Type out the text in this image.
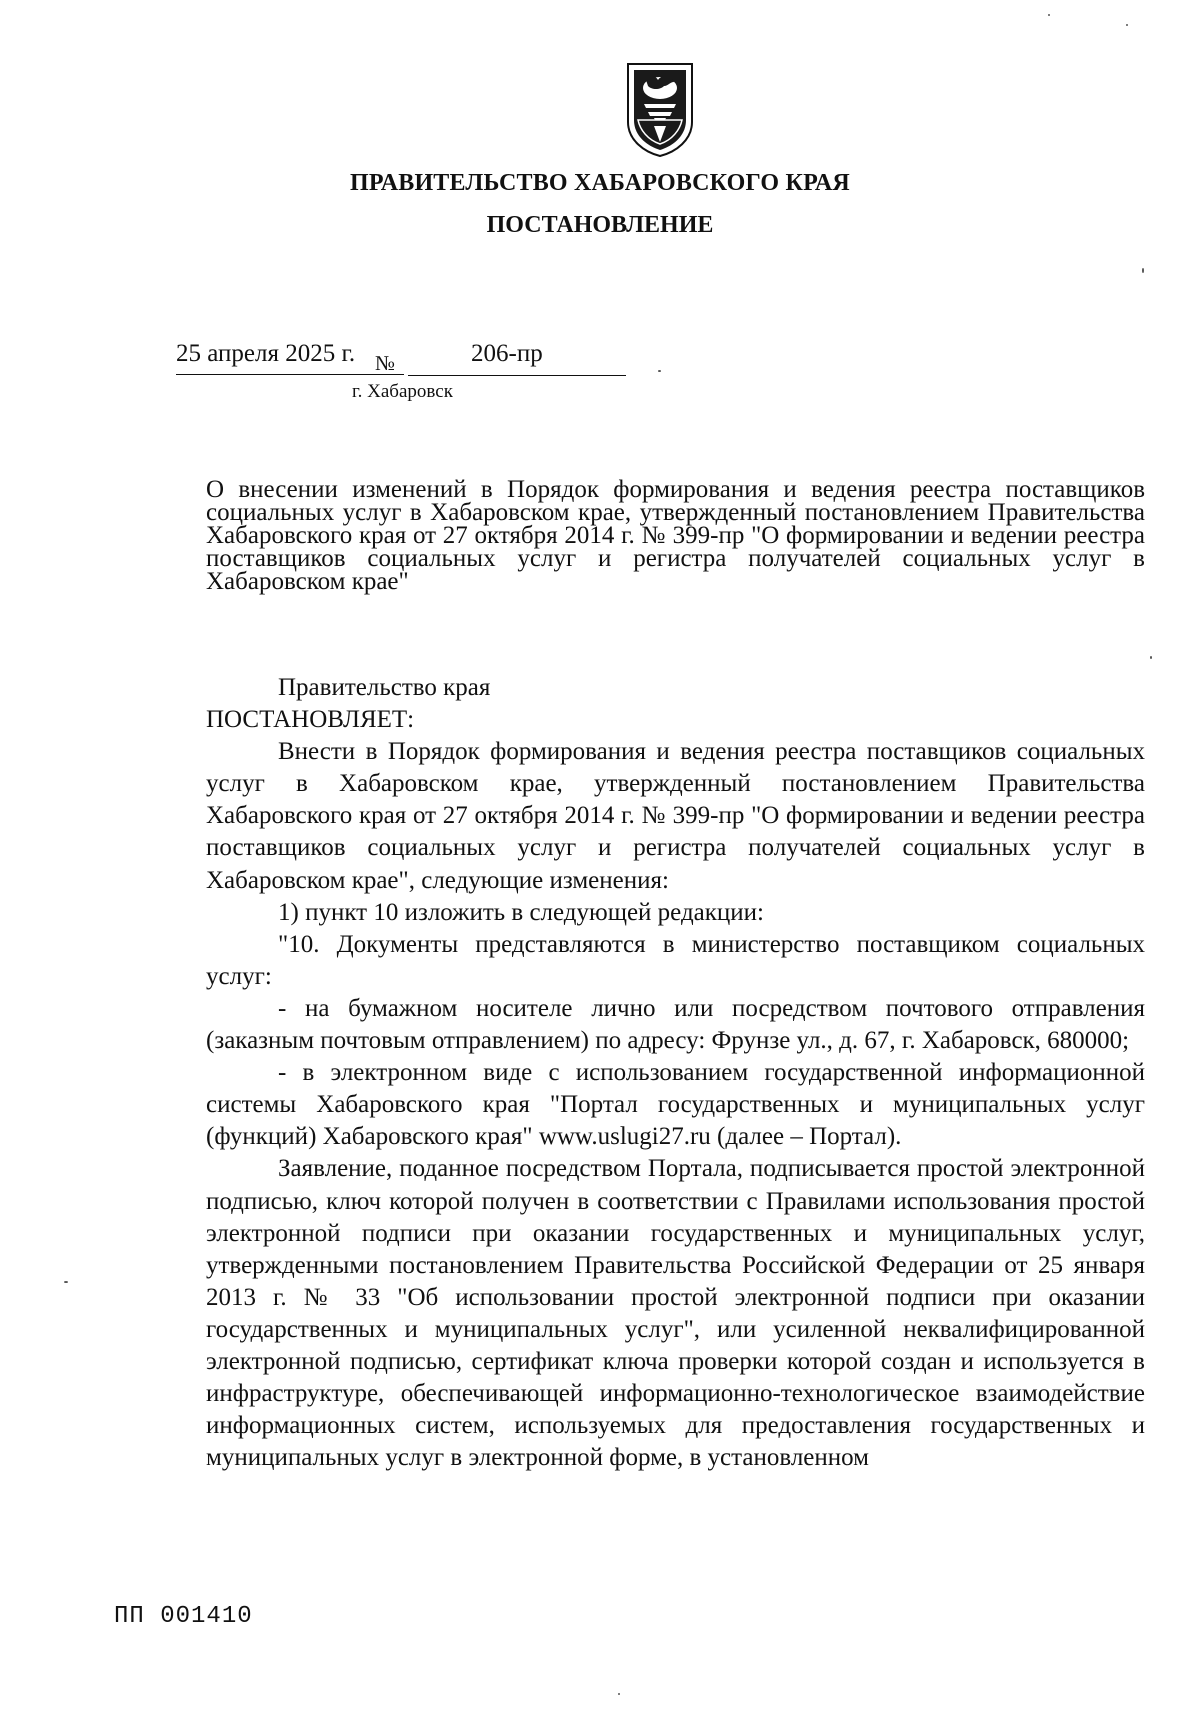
ПРАВИТЕЛЬСТВО ХАБАРОВСКОГО КРАЯ
ПОСТАНОВЛЕНИЕ
25 апреля 2025 г. №	206-пр
г. Хабаровск
О внесении изменений в Порядок формирования и ведения реестра поставщиков социальных услуг в Хабаровском крае, утвержденный постановлением Правительства Хабаровского края от 27 октября 2014 г. № 399-пр "О формировании и ведении реестра поставщиков социальных услуг и регистра получателей социальных услуг в Хабаровском крае"

Правительство края

ПОСТАНОВЛЯЕТ:

Внести в Порядок формирования и ведения реестра поставщиков социальных услуг в Хабаровском крае, утвержденный постановлением Правительства Хабаровского края от 27 октября 2014 г. № 399-пр "О формировании и ведении реестра поставщиков социальных услуг и регистра получателей социальных услуг в Хабаровском крае", следующие изменения:

1) пункт 10 изложить в следующей редакции:

"10. Документы представляются в министерство поставщиком социальных услуг:

- на бумажном носителе лично или посредством почтового отправления (заказным почтовым отправлением) по адресу: Фрунзе ул., д. 67, г. Хабаровск, 680000;

- в электронном виде с использованием государственной информационной системы Хабаровского края "Портал государственных и муниципальных услуг (функций) Хабаровского края" www.uslugi27.ru (далее – Портал).

Заявление, поданное посредством Портала, подписывается простой электронной подписью, ключ которой получен в соответствии с Правилами использования простой электронной подписи при оказании государственных и муниципальных услуг, утвержденными постановлением Правительства Российской Федерации от 25 января 2013 г. № 33 "Об использовании простой электронной подписи при оказании государственных и муниципальных услуг", или усиленной неквалифицированной электронной подписью, сертификат ключа проверки которой создан и используется в инфраструктуре, обеспечивающей информационно-технологическое взаимодействие информационных систем, используемых для предоставления государственных и муниципальных услуг в электронной форме, в установленном

ПП 001410
